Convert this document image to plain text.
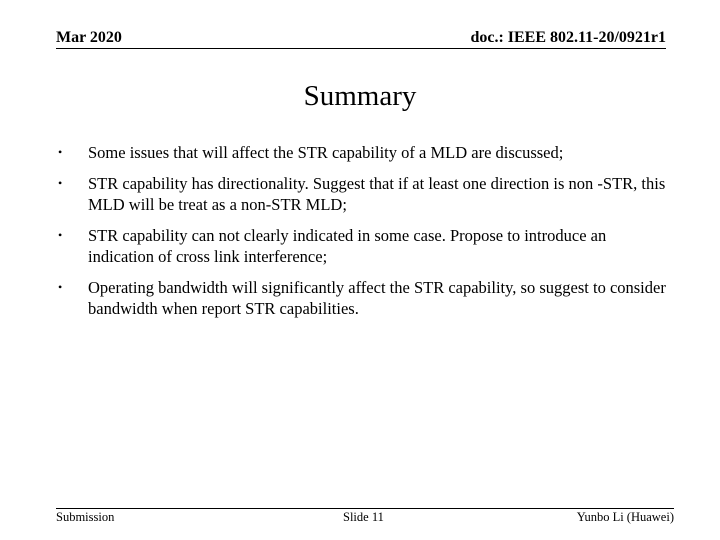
Mar 2020	doc.: IEEE 802.11-20/0921r1
Summary
• Some issues that will affect the STR capability of a MLD are discussed;
• STR capability has directionality. Suggest that if at least one direction is non -STR, this MLD will be treat as a non-STR MLD;
• STR capability can not clearly indicated in some case. Propose to introduce an indication of cross link interference;
• Operating bandwidth will significantly affect the STR capability, so suggest to consider bandwidth when report STR capabilities.
Submission	Slide 11	Yunbo Li (Huawei)
